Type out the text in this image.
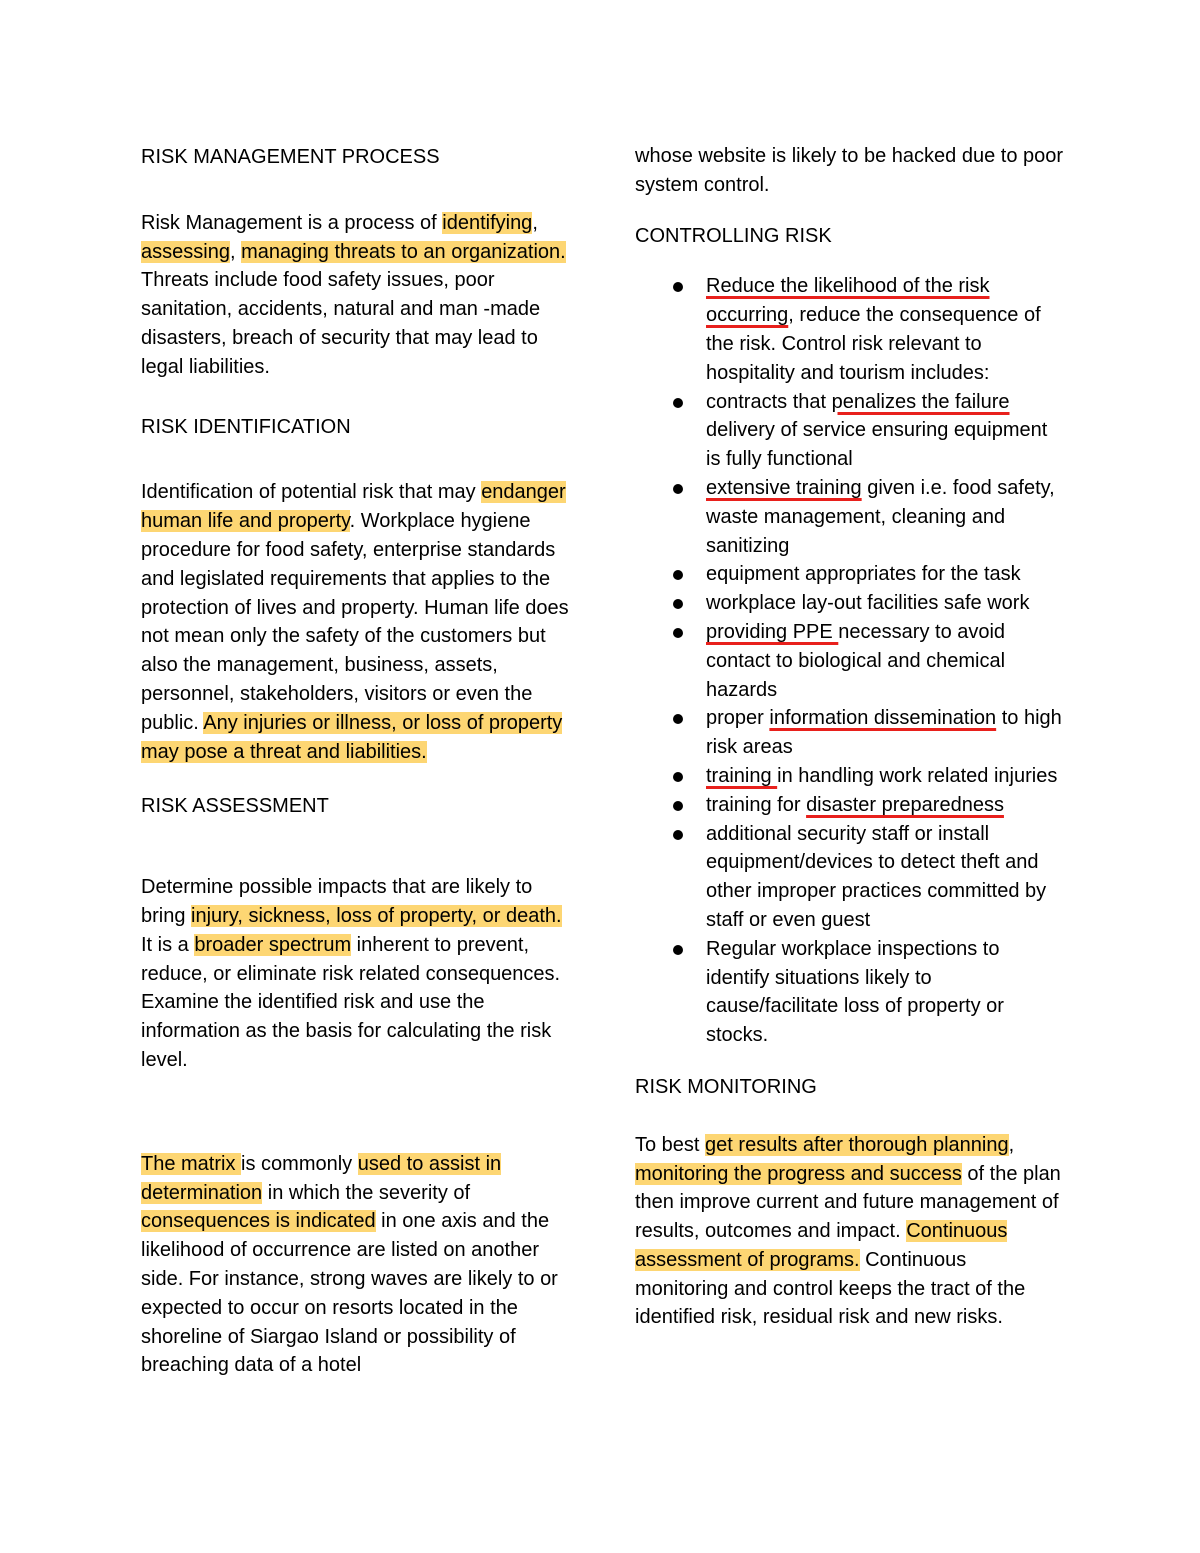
RISK MANAGEMENT PROCESS

Risk Management is a process of identifying, assessing, managing threats to an organization. Threats include food safety issues, poor sanitation, accidents, natural and man -made disasters, breach of security that may lead to legal liabilities.

RISK IDENTIFICATION

Identification of potential risk that may endanger human life and property. Workplace hygiene procedure for food safety, enterprise standards and legislated requirements that applies to the protection of lives and property. Human life does not mean only the safety of the customers but also the management, business, assets, personnel, stakeholders, visitors or even the public. Any injuries or illness, or loss of property may pose a threat and liabilities.

RISK ASSESSMENT

Determine possible impacts that are likely to bring injury, sickness, loss of property, or death. It is a broader spectrum inherent to prevent, reduce, or eliminate risk related consequences. Examine the identified risk and use the information as the basis for calculating the risk level.

The matrix is commonly used to assist in determination in which the severity of consequences is indicated in one axis and the likelihood of occurrence are listed on another side. For instance, strong waves are likely to or expected to occur on resorts located in the shoreline of Siargao Island or possibility of breaching data of a hotel

whose website is likely to be hacked due to poor system control.

CONTROLLING RISK

Reduce the likelihood of the risk occurring, reduce the consequence of the risk. Control risk relevant to hospitality and tourism includes:
contracts that penalizes the failure delivery of service ensuring equipment is fully functional
extensive training given i.e. food safety, waste management, cleaning and sanitizing
equipment appropriates for the task
workplace lay-out facilities safe work
providing PPE necessary to avoid contact to biological and chemical hazards
proper information dissemination to high risk areas
training in handling work related injuries
training for disaster preparedness
additional security staff or install equipment/devices to detect theft and other improper practices committed by staff or even guest
Regular workplace inspections to identify situations likely to cause/facilitate loss of property or stocks.

RISK MONITORING

To best get results after thorough planning, monitoring the progress and success of the plan then improve current and future management of results, outcomes and impact. Continuous assessment of programs. Continuous monitoring and control keeps the tract of the identified risk, residual risk and new risks.
